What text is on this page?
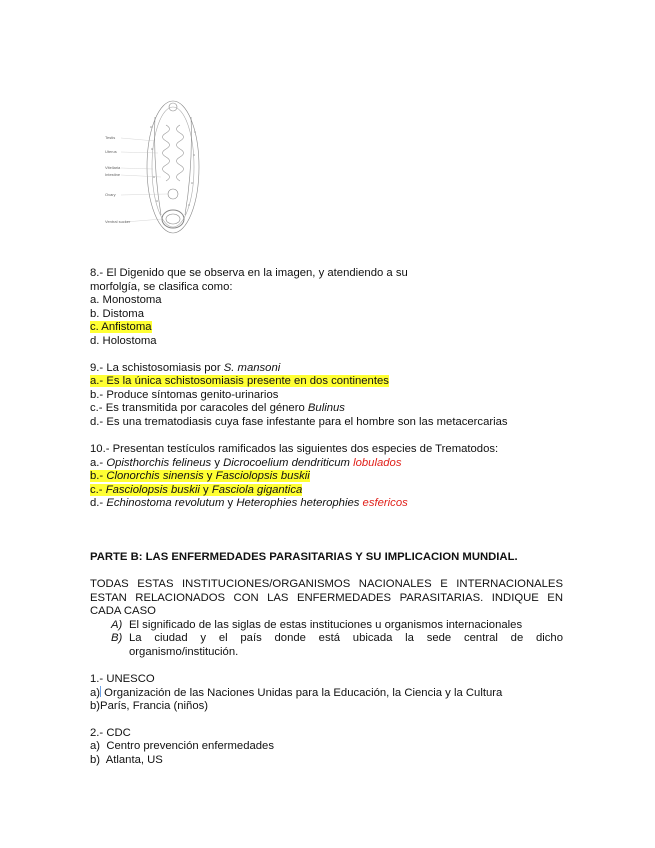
Testis
Uterus
Vitellaria
Intestine
Ovary
Ventral sucker
8.- El Digenido que se observa en la imagen, y atendiendo a su
morfolgía, se clasifica como:
a. Monostoma
b. Distoma
c. Anfistoma
d. Holostoma
9.- La schistosomiasis por S. mansoni
a.- Es la única schistosomiasis presente en dos continentes
b.- Produce síntomas genito-urinarios
c.- Es transmitida por caracoles del género Bulinus
d.- Es una trematodiasis cuya fase infestante para el hombre son las metacercarias
10.- Presentan testículos ramificados las siguientes dos especies de Trematodos:
a.- Opisthorchis felineus y Dicrocoelium dendriticum lobulados
b.- Clonorchis sinensis y Fasciolopsis buskii
c.- Fasciolopsis buskii y Fasciola gigantica
d.- Echinostoma revolutum y Heterophies heterophies esfericos
PARTE B: LAS ENFERMEDADES PARASITARIAS Y SU IMPLICACION MUNDIAL.
TODAS ESTAS INSTITUCIONES/ORGANISMOS NACIONALES E INTERNACIONALES
ESTAN RELACIONADOS CON LAS ENFERMEDADES PARASITARIAS. INDIQUE EN
CADA CASO
A) El significado de las siglas de estas instituciones u organismos internacionales
B) La ciudad y el país donde está ubicada la sede central de dicho
organismo/institución.
1.- UNESCO
a) Organización de las Naciones Unidas para la Educación, la Ciencia y la Cultura
b)París, Francia (niños)
2.- CDC
a)  Centro prevención enfermedades
b)  Atlanta, US
